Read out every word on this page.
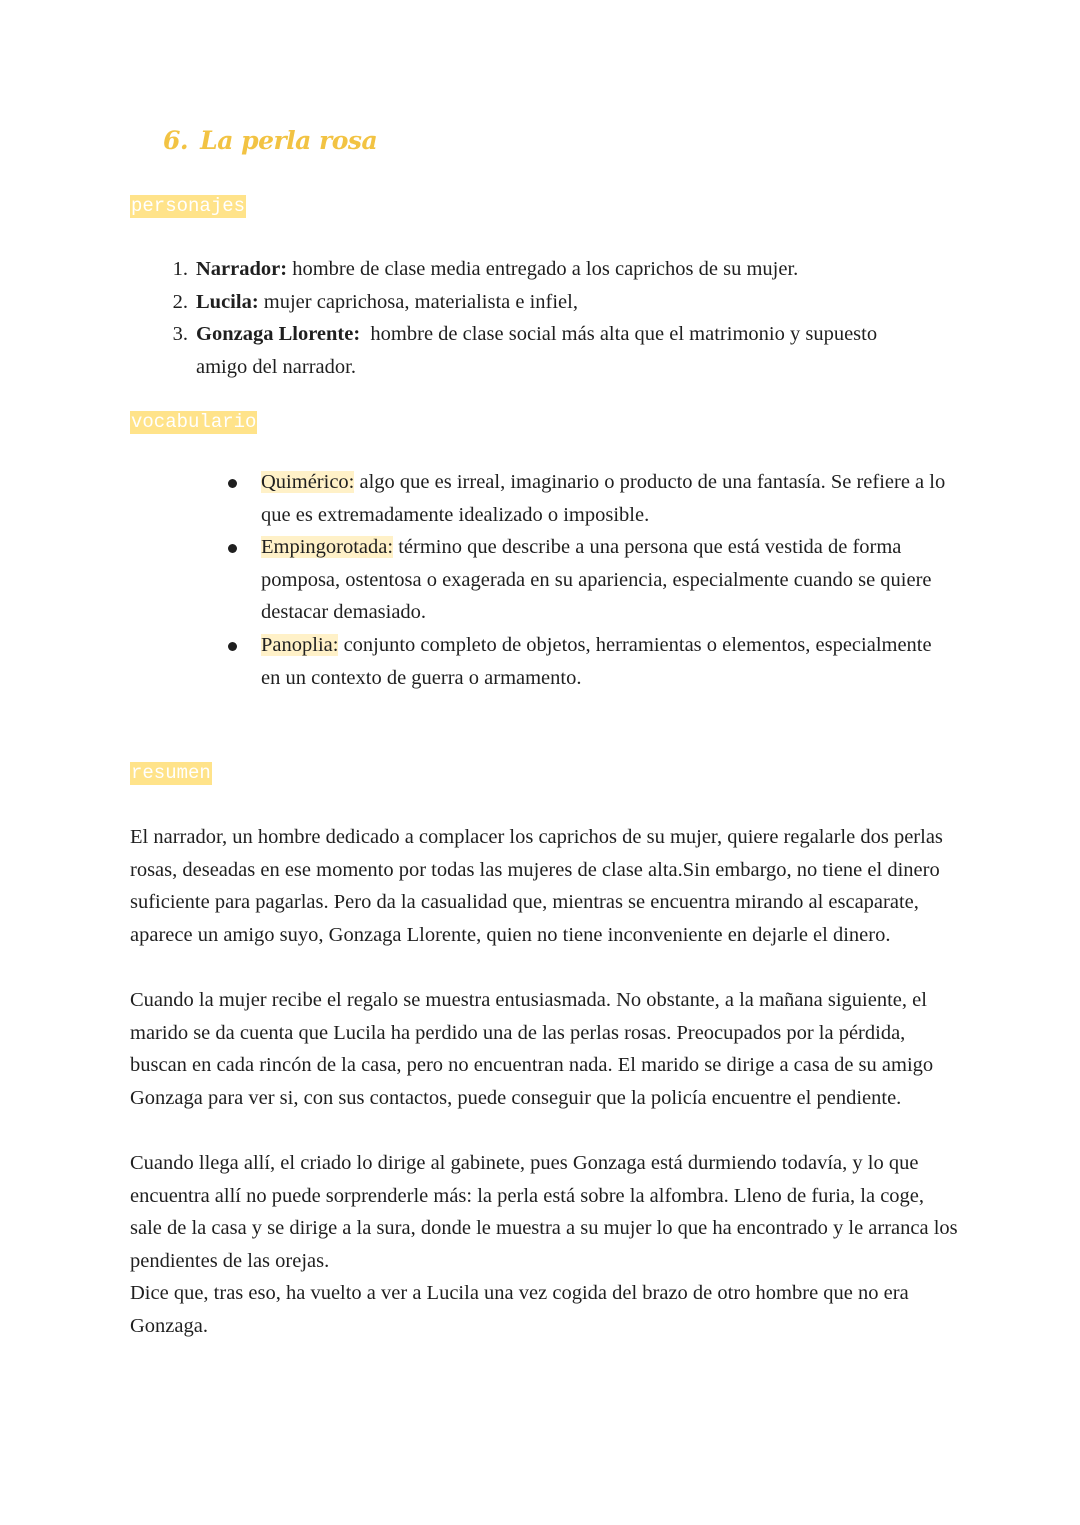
6. La perla rosa
personajes
1. Narrador: hombre de clase media entregado a los caprichos de su mujer.
2. Lucila: mujer caprichosa, materialista e infiel,
3. Gonzaga Llorente:  hombre de clase social más alta que el matrimonio y supuesto amigo del narrador.
vocabulario
Quimérico: algo que es irreal, imaginario o producto de una fantasía. Se refiere a lo que es extremadamente idealizado o imposible.
Empingorotada: término que describe a una persona que está vestida de forma pomposa, ostentosa o exagerada en su apariencia, especialmente cuando se quiere destacar demasiado.
Panoplia: conjunto completo de objetos, herramientas o elementos, especialmente en un contexto de guerra o armamento.
resumen

El narrador, un hombre dedicado a complacer los caprichos de su mujer, quiere regalarle dos perlas rosas, deseadas en ese momento por todas las mujeres de clase alta.Sin embargo, no tiene el dinero suficiente para pagarlas. Pero da la casualidad que, mientras se encuentra mirando al escaparate, aparece un amigo suyo, Gonzaga Llorente, quien no tiene inconveniente en dejarle el dinero.

Cuando la mujer recibe el regalo se muestra entusiasmada. No obstante, a la mañana siguiente, el marido se da cuenta que Lucila ha perdido una de las perlas rosas. Preocupados por la pérdida, buscan en cada rincón de la casa, pero no encuentran nada. El marido se dirige a casa de su amigo Gonzaga para ver si, con sus contactos, puede conseguir que la policía encuentre el pendiente.

Cuando llega allí, el criado lo dirige al gabinete, pues Gonzaga está durmiendo todavía, y lo que encuentra allí no puede sorprenderle más: la perla está sobre la alfombra. Lleno de furia, la coge, sale de la casa y se dirige a la sura, donde le muestra a su mujer lo que ha encontrado y le arranca los pendientes de las orejas.

Dice que, tras eso, ha vuelto a ver a Lucila una vez cogida del brazo de otro hombre que no era Gonzaga.
